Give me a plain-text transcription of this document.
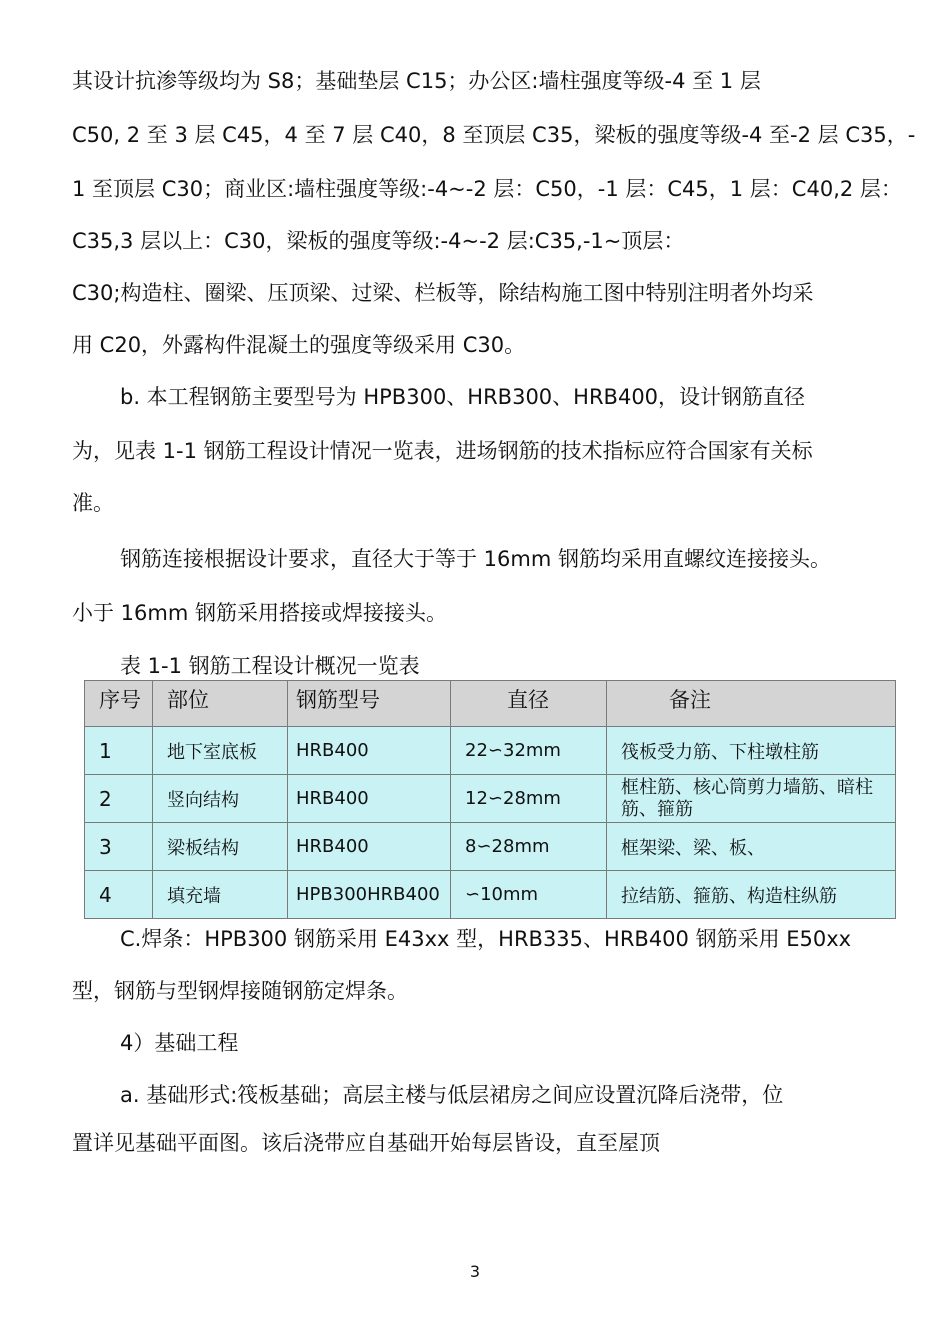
其设计抗渗等级均为 S8；基础垫层 C15；办公区:墙柱强度等级-4 至 1 层
C50, 2 至 3 层 C45，4 至 7 层 C40，8 至顶层 C35，梁板的强度等级-4 至-2 层 C35，-
1 至顶层 C30；商业区:墙柱强度等级:-4~-2 层：C50，-1 层：C45，1 层：C40,2 层：
C35,3 层以上：C30，梁板的强度等级:-4~-2 层:C35,-1~顶层：
C30;构造柱、圈梁、压顶梁、过梁、栏板等，除结构施工图中特别注明者外均采
用 C20，外露构件混凝土的强度等级采用 C30。
b. 本工程钢筋主要型号为 HPB300、HRB300、HRB400，设计钢筋直径
为，见表 1-1 钢筋工程设计情况一览表，进场钢筋的技术指标应符合国家有关标
准。
钢筋连接根据设计要求，直径大于等于 16mm 钢筋均采用直螺纹连接接头。
小于 16mm 钢筋采用搭接或焊接接头。
表 1-1 钢筋工程设计概况一览表
序号	部位	钢筋型号	直径	备注
1	地下室底板	HRB400	22∽32mm	筏板受力筋、下柱墩柱筋
2	竖向结构	HRB400	12∽28mm	框柱筋、核心筒剪力墙筋、暗柱筋、箍筋

3	梁板结构	HRB400	8∽28mm	框架梁、梁、板、
4	填充墙	HPB300HRB400	∽10mm	拉结筋、箍筋、构造柱纵筋
C.焊条：HPB300 钢筋采用 E43xx 型，HRB335、HRB400 钢筋采用 E50xx
型，钢筋与型钢焊接随钢筋定焊条。
4）基础工程
a. 基础形式:筏板基础；高层主楼与低层裙房之间应设置沉降后浇带，位
置详见基础平面图。该后浇带应自基础开始每层皆设，直至屋顶
3
